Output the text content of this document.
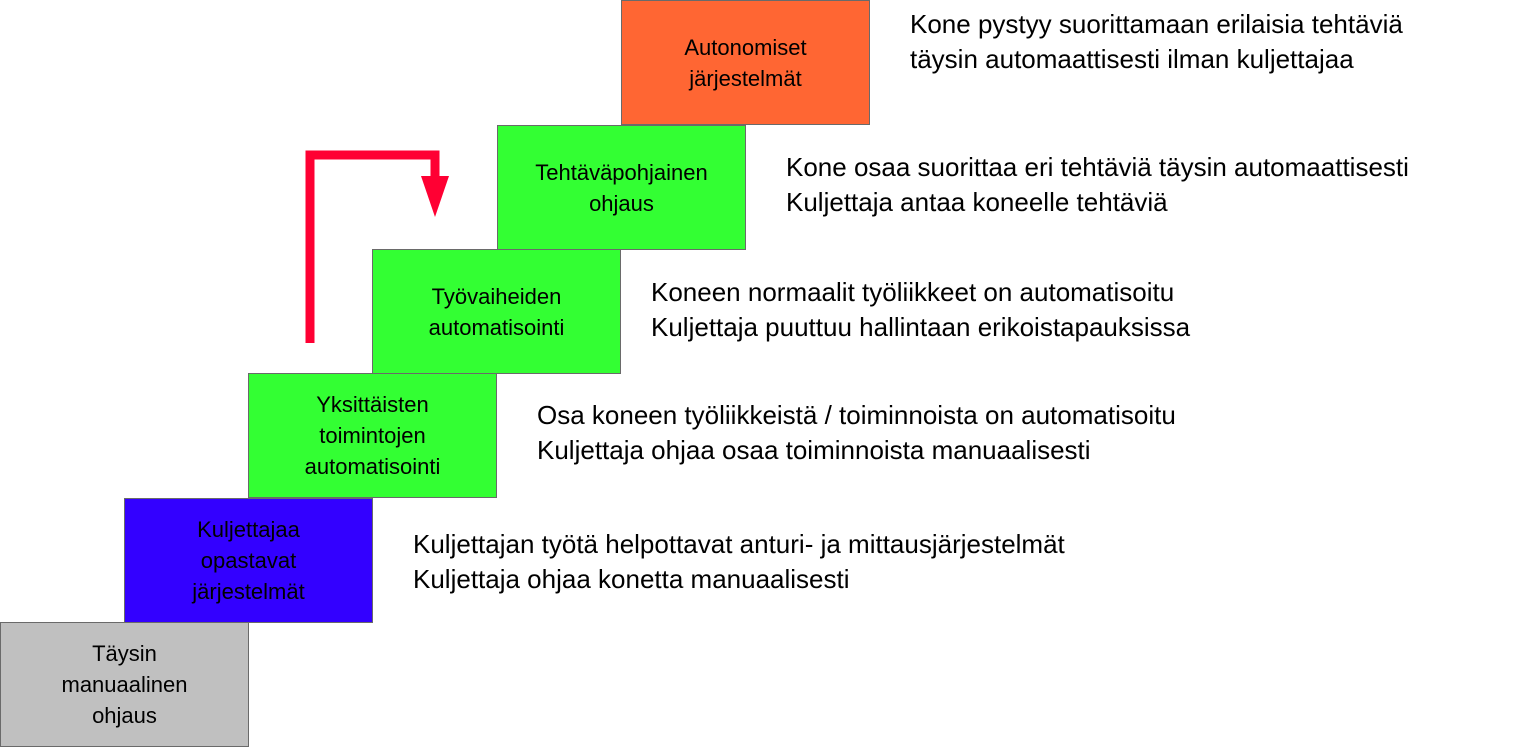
Täysin
manuaalinen
ohjaus
Kuljettajaa
opastavat
järjestelmät
Yksittäisten
toimintojen
automatisointi
Työvaiheiden
automatisointi
Tehtäväpohjainen
ohjaus
Autonomiset
järjestelmät
Kuljettajan työtä helpottavat anturi- ja mittausjärjestelmät
Kuljettaja ohjaa konetta manuaalisesti
Osa koneen työliikkeistä / toiminnoista on automatisoitu
Kuljettaja ohjaa osaa toiminnoista manuaalisesti
Koneen normaalit työliikkeet on automatisoitu
Kuljettaja puuttuu hallintaan erikoistapauksissa
Kone osaa suorittaa eri tehtäviä täysin automaattisesti
Kuljettaja antaa koneelle tehtäviä
Kone pystyy suorittamaan erilaisia tehtäviä
täysin automaattisesti ilman kuljettajaa
